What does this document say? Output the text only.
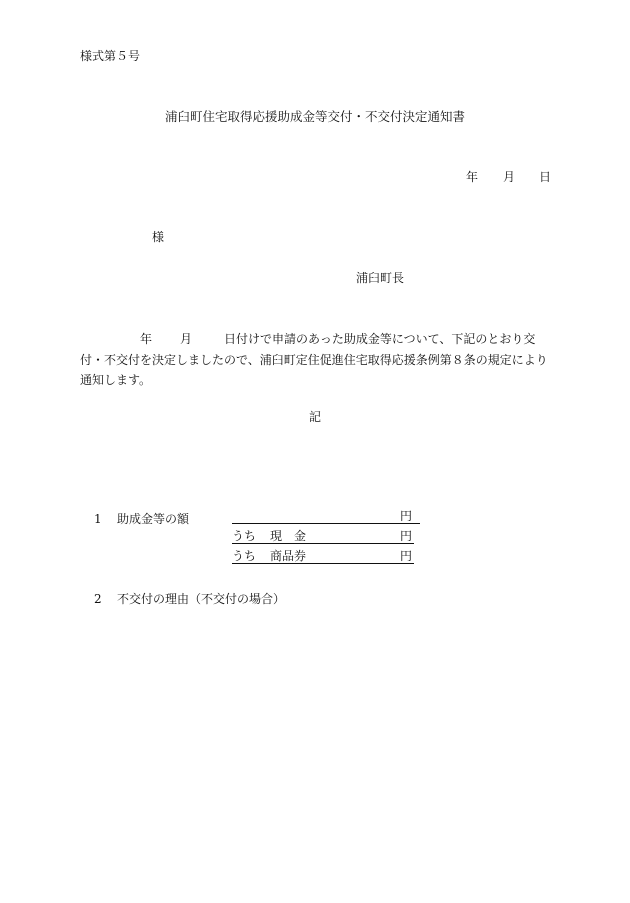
様式第５号
浦臼町住宅取得応援助成金等交付・不交付決定通知書
年 月 日
様
浦臼町長
年 月	日付けで申請のあった助成金等について、下記のとおり交付・不交付を決定しましたので、浦臼町定住促進住宅取得応援条例第８条の規定により通知します。
記
1 助成金等の額	円
うち 現　金	円
うち 商品券	円
2 不交付の理由（不交付の場合）
